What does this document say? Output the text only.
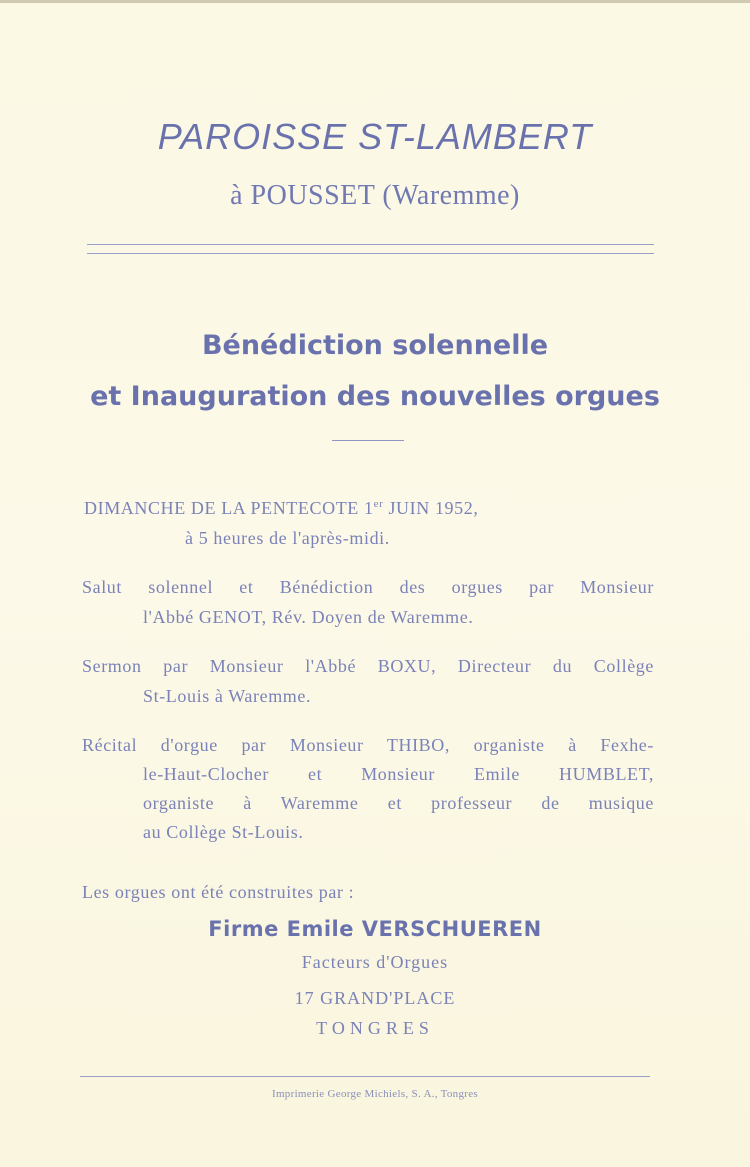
PAROISSE ST-LAMBERT
à POUSSET (Waremme)
Bénédiction solennelle
et Inauguration des nouvelles orgues
DIMANCHE DE LA PENTECOTE 1er JUIN 1952,
à 5 heures de l'après-midi.
Salut solennel et Bénédiction des orgues par Monsieur
l'Abbé GENOT, Rév. Doyen de Waremme.
Sermon par Monsieur l'Abbé BOXU, Directeur du Collège
St-Louis à Waremme.
Récital d'orgue par Monsieur THIBO, organiste à Fexhe-
le-Haut-Clocher et Monsieur Emile HUMBLET,
organiste à Waremme et professeur de musique
au Collège St-Louis.
Les orgues ont été construites par :
Firme Emile VERSCHUEREN
Facteurs d'Orgues
17 GRAND'PLACE
TONGRES
Imprimerie George Michiels, S. A., Tongres
